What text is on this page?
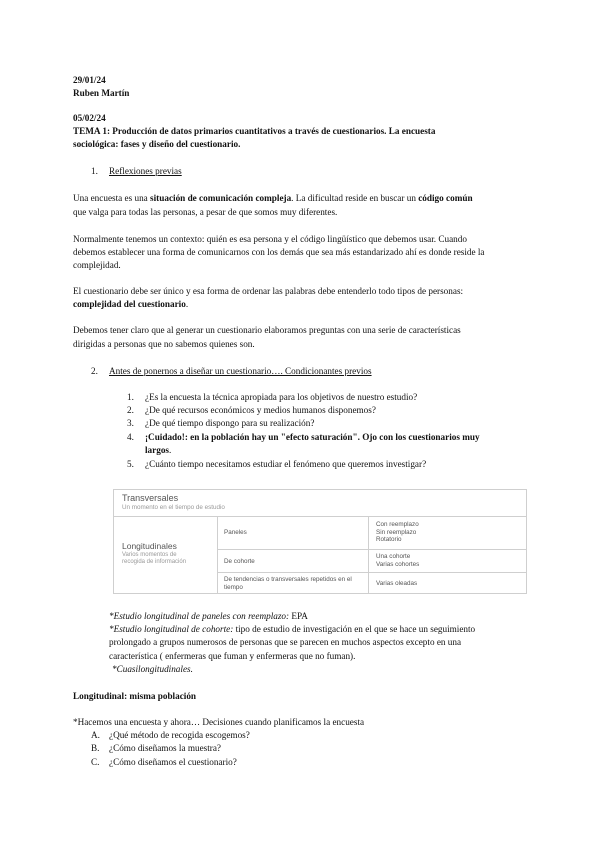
29/01/24
Ruben Martín
05/02/24
TEMA 1: Producción de datos primarios cuantitativos a través de cuestionarios. La encuesta
sociológica: fases y diseño del cuestionario.
1. Reflexiones previas
Una encuesta es una situación de comunicación compleja. La dificultad reside en buscar un código común
que valga para todas las personas, a pesar de que somos muy diferentes.
Normalmente tenemos un contexto: quién es esa persona y el código lingüístico que debemos usar. Cuando
debemos establecer una forma de comunicarnos con los demás que sea más estandarizado ahí es donde reside la
complejidad.
El cuestionario debe ser único y esa forma de ordenar las palabras debe entenderlo todo tipos de personas:
complejidad del cuestionario.
Debemos tener claro que al generar un cuestionario elaboramos preguntas con una serie de características
dirigidas a personas que no sabemos quienes son.
2. Antes de ponernos a diseñar un cuestionario…. Condicionantes previos
1. ¿Es la encuesta la técnica apropiada para los objetivos de nuestro estudio?
2. ¿De qué recursos económicos y medios humanos disponemos?
3. ¿De qué tiempo dispongo para su realización?
4. ¡Cuidado!: en la población hay un "efecto saturación". Ojo con los cuestionarios muy
largos.
5. ¿Cuánto tiempo necesitamos estudiar el fenómeno que queremos investigar?
Transversales
Un momento en el tiempo de estudio
Longitudinales
Varios momentos de
recogida de información
Paneles
Con reemplazo
Sin reemplazo
Rotatorio
De cohorte
Una cohorte
Varias cohortes
De tendencias o transversales repetidos en el
tiempo	Varias oleadas
*Estudio longitudinal de paneles con reemplazo: EPA
*Estudio longitudinal de cohorte: tipo de estudio de investigación en el que se hace un seguimiento
prolongado a grupos numerosos de personas que se parecen en muchos aspectos excepto en una
característica ( enfermeras que fuman y enfermeras que no fuman).
*Cuasilongitudinales.
Longitudinal: misma población
*Hacemos una encuesta y ahora… Decisiones cuando planificamos la encuesta
A. ¿Qué método de recogida escogemos?
B. ¿Cómo diseñamos la muestra?
C. ¿Cómo diseñamos el cuestionario?
